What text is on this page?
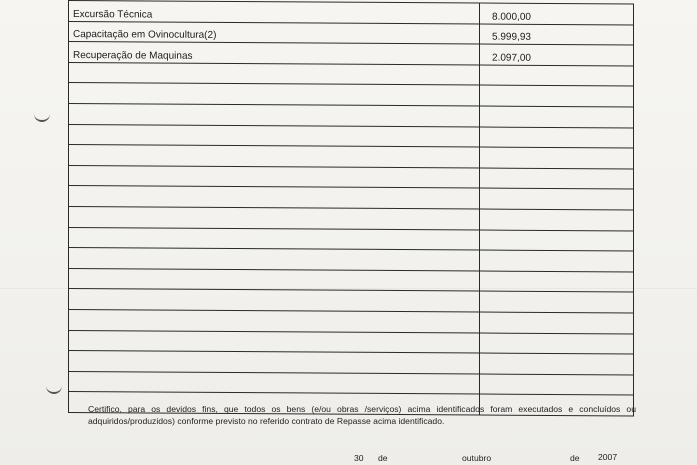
Excursão Técnica	8.000,00
Capacitação em Ovinocultura(2)	5.999,93
Recuperação de Maquinas	2.097,00

Certifico, para os devidos fins, que todos os bens (e/ou obras /serviços) acima identificados foram executados e concluídos ou adquiridos/produzidos) conforme previsto no referido contrato de Repasse acima identificado.

30 de	outubro	de 2007
